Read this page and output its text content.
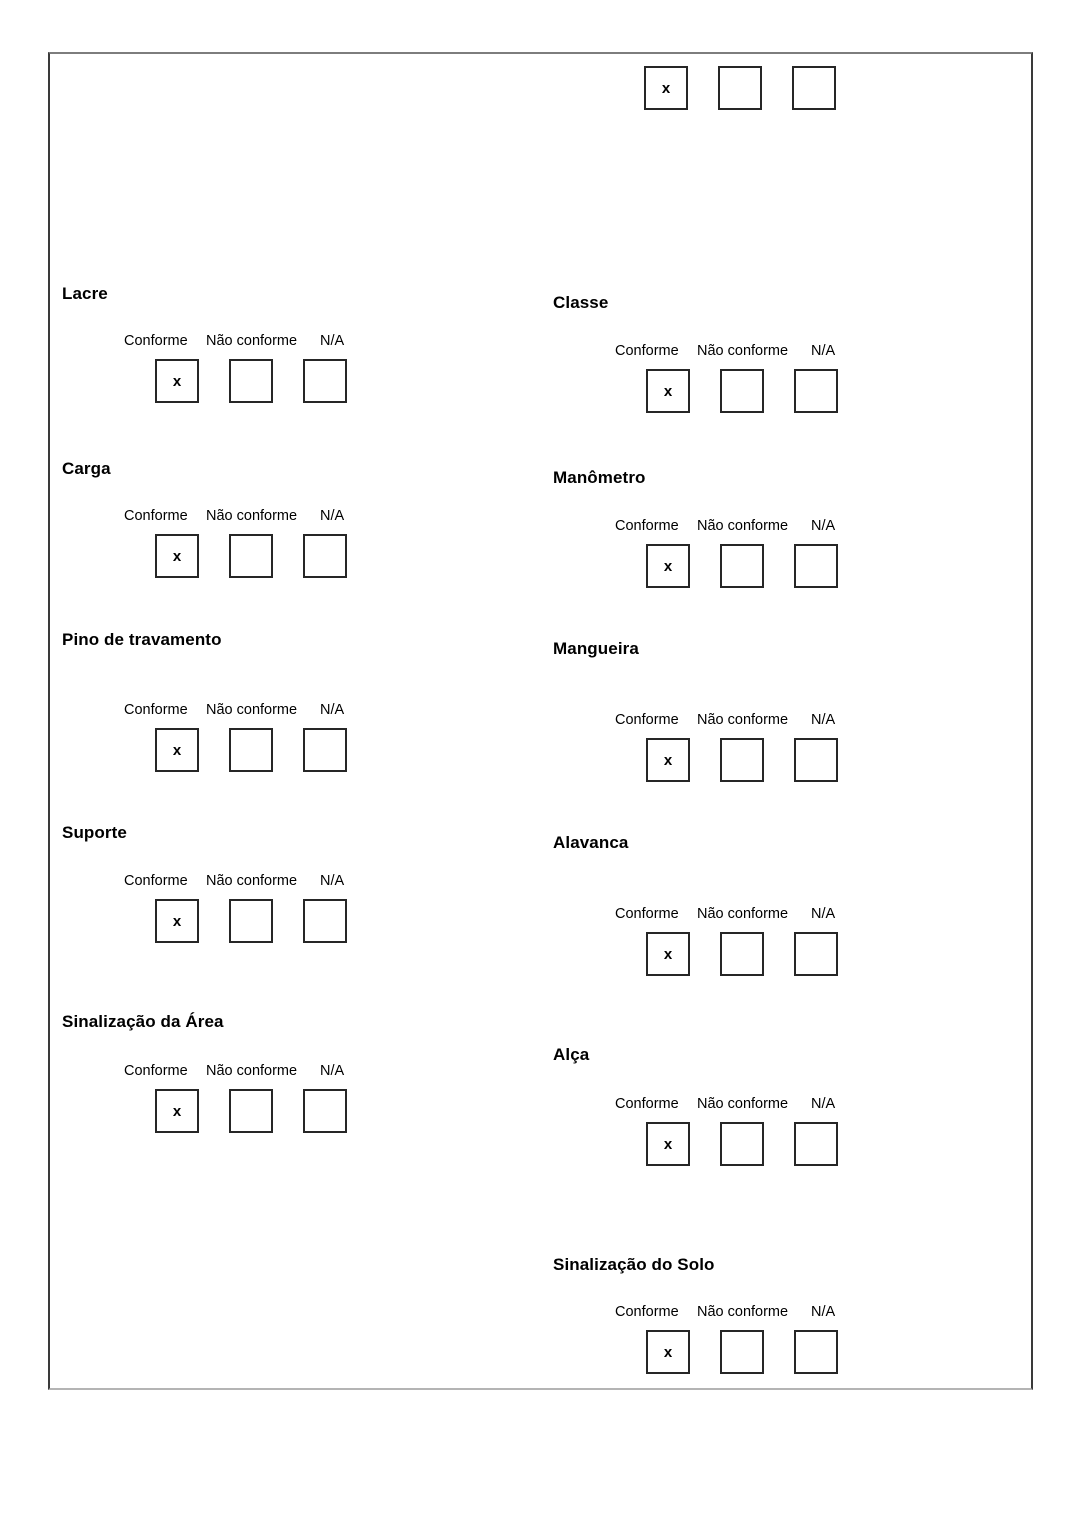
x
Lacre
Conforme Não conforme N/A
x
Carga
Conforme Não conforme N/A
x
Pino de travamento
Conforme Não conforme N/A
x
Suporte
Conforme Não conforme N/A
x
Sinalização da Área
Conforme Não conforme N/A
x
Classe
Conforme Não conforme N/A
x
Manômetro
Conforme Não conforme N/A
x
Mangueira
Conforme Não conforme N/A
x
Alavanca
Conforme Não conforme N/A
x
Alça
Conforme Não conforme N/A
x
Sinalização do Solo
Conforme Não conforme N/A
x
